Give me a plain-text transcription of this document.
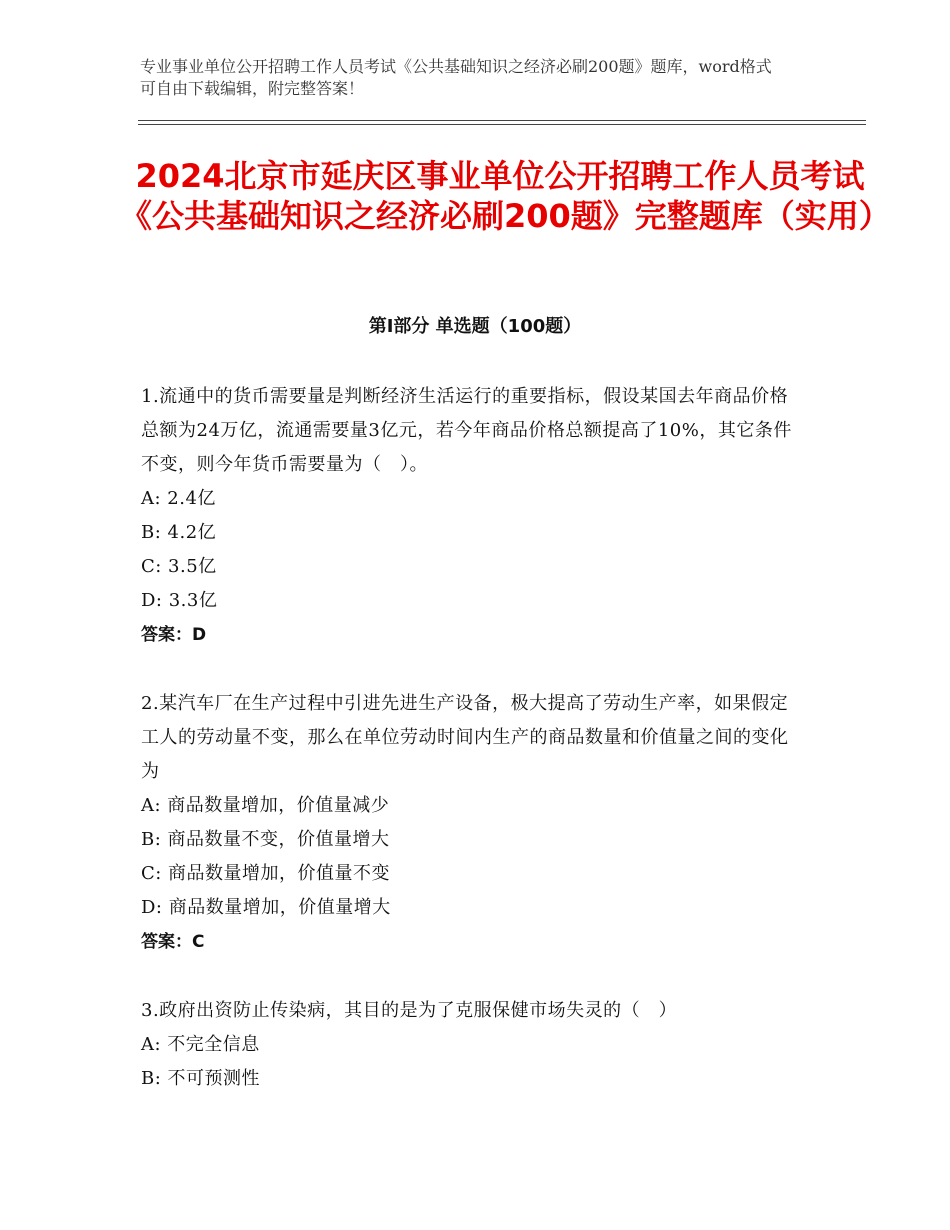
专业事业单位公开招聘工作人员考试《公共基础知识之经济必刷200题》题库，word格式可自由下载编辑，附完整答案！
2024北京市延庆区事业单位公开招聘工作人员考试《公共基础知识之经济必刷200题》完整题库（实用）
第Ⅰ部分 单选题（100题）
1.流通中的货币需要量是判断经济生活运行的重要指标，假设某国去年商品价格总额为24万亿，流通需要量3亿元，若今年商品价格总额提高了10%，其它条件不变，则今年货币需要量为（　）。
A: 2.4亿
B: 4.2亿
C: 3.5亿
D: 3.3亿
答案：D
2.某汽车厂在生产过程中引进先进生产设备，极大提高了劳动生产率，如果假定工人的劳动量不变，那么在单位劳动时间内生产的商品数量和价值量之间的变化为
A: 商品数量增加，价值量减少
B: 商品数量不变，价值量增大
C: 商品数量增加，价值量不变
D: 商品数量增加，价值量增大
答案：C
3.政府出资防止传染病，其目的是为了克服保健市场失灵的（　）
A: 不完全信息
B: 不可预测性
